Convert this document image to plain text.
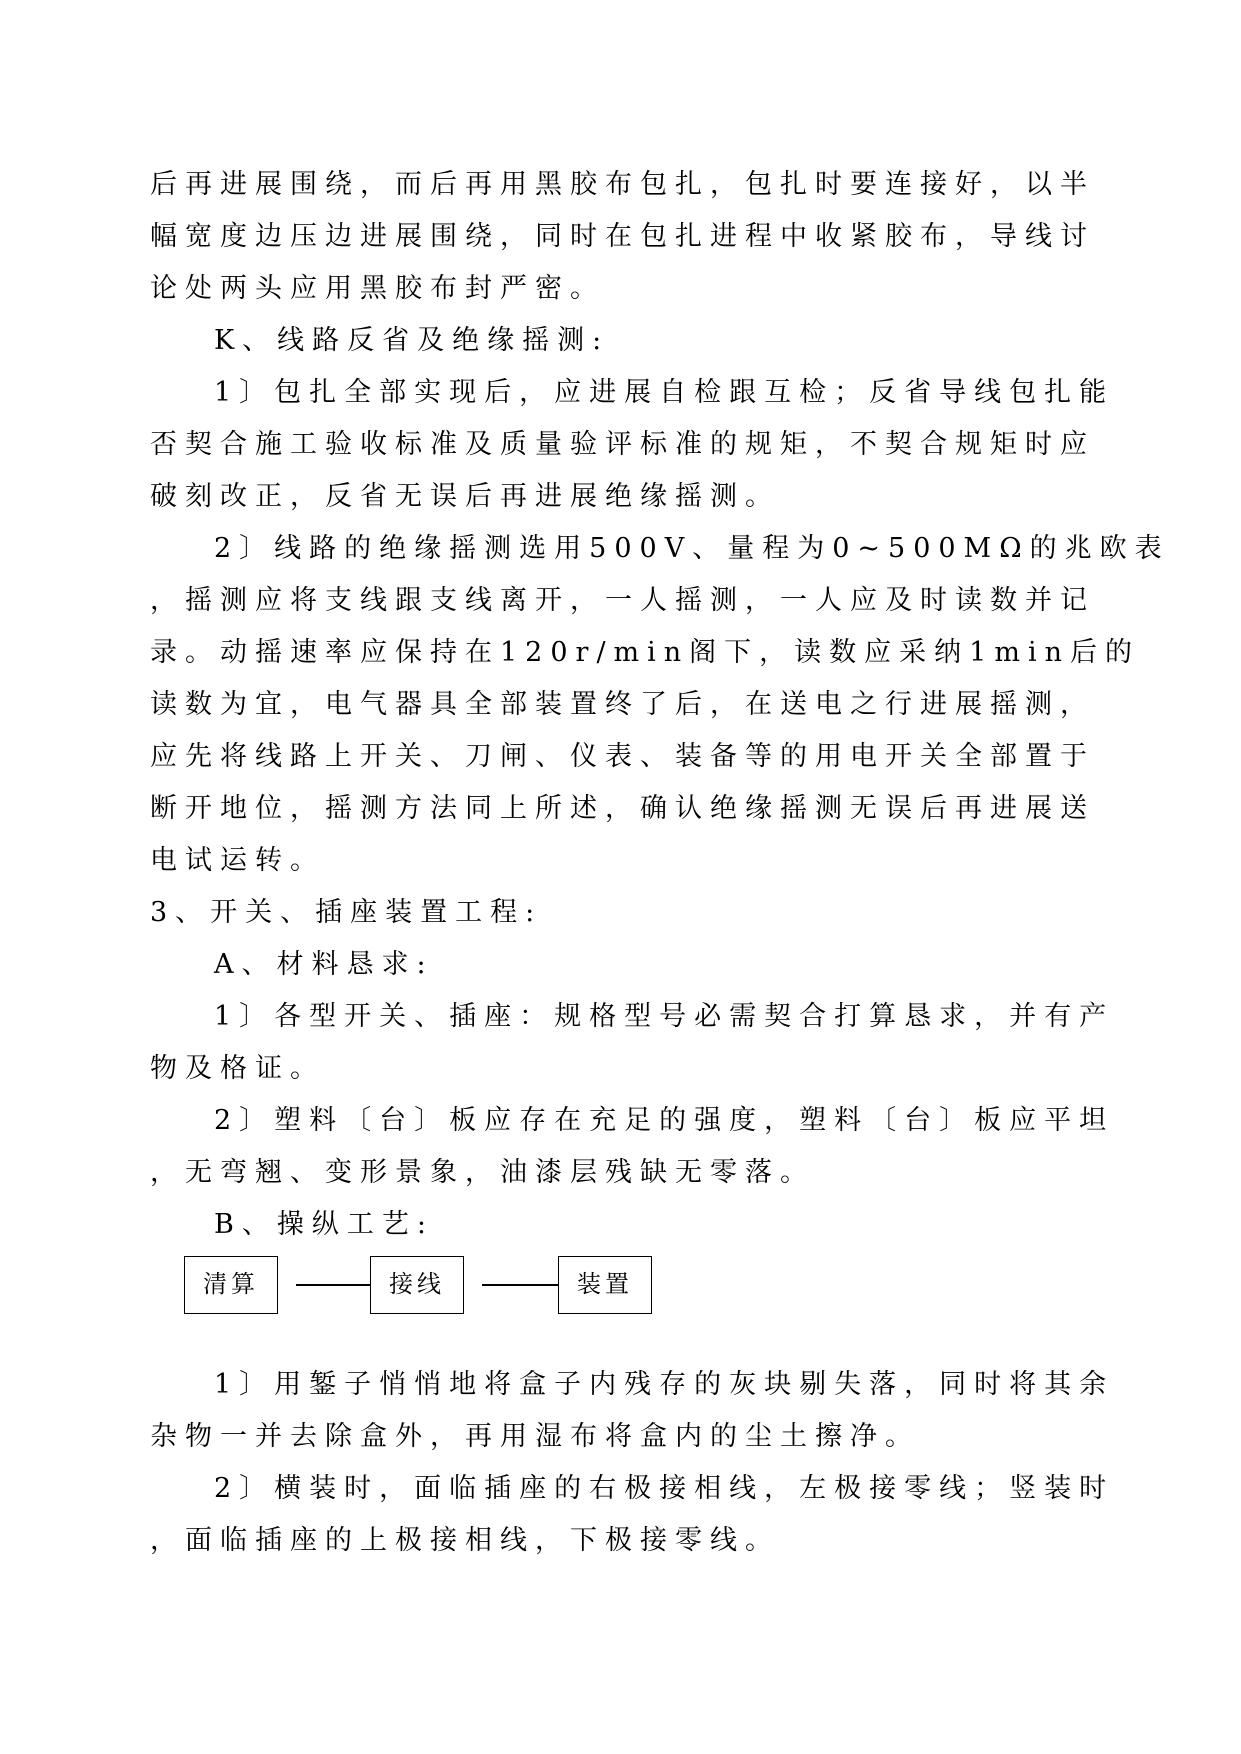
后再进展围绕，而后再用黑胶布包扎，包扎时要连接好，以半
幅宽度边压边进展围绕，同时在包扎进程中收紧胶布，导线讨
论处两头应用黑胶布封严密。
K、线路反省及绝缘摇测:
1〕包扎全部实现后，应进展自检跟互检；反省导线包扎能
否契合施工验收标准及质量验评标准的规矩，不契合规矩时应
破刻改正，反省无误后再进展绝缘摇测。
2〕线路的绝缘摇测选用500V、量程为0~500MΩ的兆欧表
，摇测应将支线跟支线离开，一人摇测，一人应及时读数并记
录。动摇速率应保持在120r/min阁下，读数应采纳1min后的
读数为宜，电气器具全部装置终了后，在送电之行进展摇测，
应先将线路上开关、刀闸、仪表、装备等的用电开关全部置于
断开地位，摇测方法同上所述，确认绝缘摇测无误后再进展送
电试运转。
3、开关、插座装置工程:
A、材料恳求:
1〕各型开关、插座：规格型号必需契合打算恳求，并有产
物及格证。
2〕塑料〔台〕板应存在充足的强度，塑料〔台〕板应平坦
，无弯翘、变形景象，油漆层残缺无零落。
B、操纵工艺:
清算	接线	装置
1〕用錾子悄悄地将盒子内残存的灰块剔失落，同时将其余
杂物一并去除盒外，再用湿布将盒内的尘土擦净。
2〕横装时，面临插座的右极接相线，左极接零线；竖装时
，面临插座的上极接相线，下极接零线。
